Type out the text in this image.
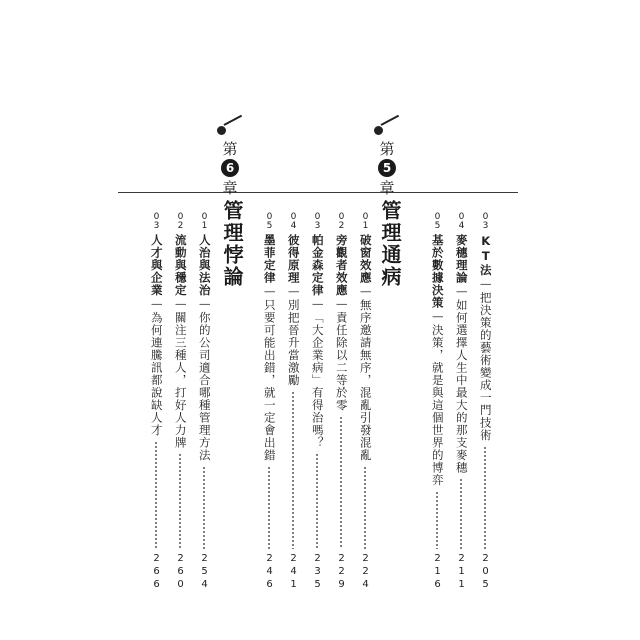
第
5
章
管理通病
第
6
章
管理悖論	03
KT法—把決策的藝術變成一門技術
205
04
麥穗理論—如何選擇人生中最大的那支麥穗
211
05
基於數據決策—決策，就是與這個世界的博弈
216
01
破窗效應—無序邀請無序，混亂引發混亂
224
02
旁觀者效應—責任除以二等於零
229
03
帕金森定律—「大企業病」有得治嗎？
235
04
彼得原理—別把晉升當激勵
241
05
墨菲定律—只要可能出錯，就一定會出錯
246
01
人治與法治—你的公司適合哪種管理方法
254
02
流動與穩定—關注三種人，打好人力牌
260
03
人才與企業—為何連騰訊都說缺人才
266
